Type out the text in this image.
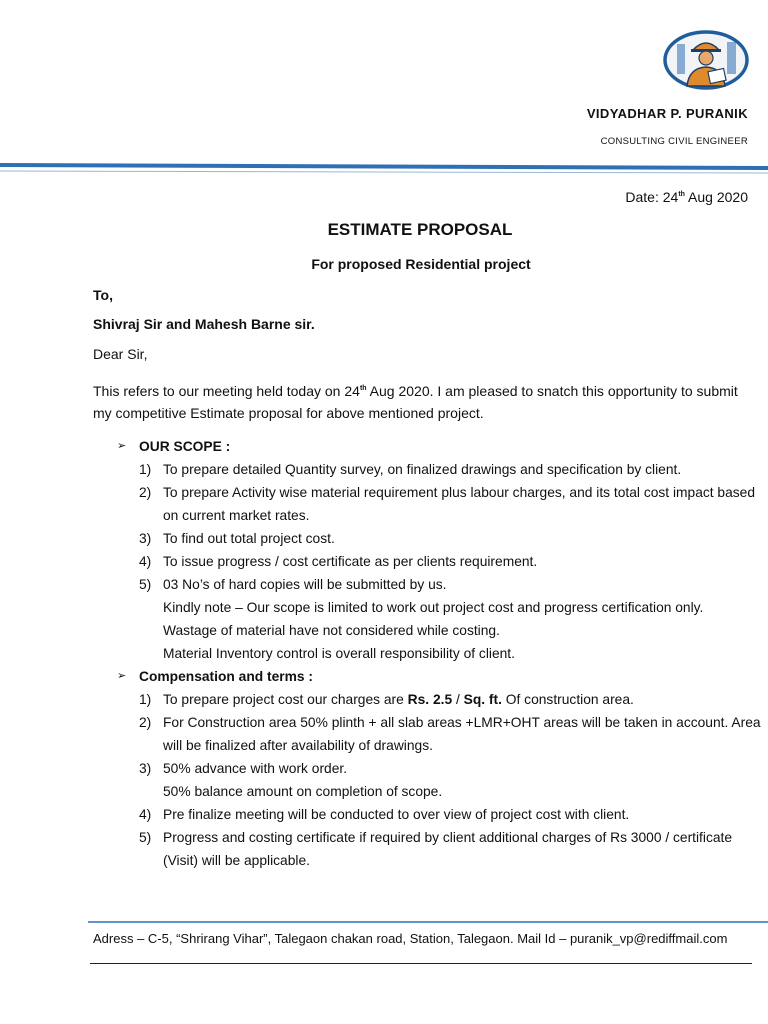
VIDYADHAR P. PURANIK
CONSULTING CIVIL ENGINEER
Date: 24th Aug 2020
ESTIMATE PROPOSAL
For proposed Residential project
To,
Shivraj Sir and Mahesh Barne sir.
Dear Sir,
This refers to our meeting held today on 24th Aug 2020. I am pleased to snatch this opportunity to submit my competitive Estimate proposal for above mentioned project.
➢ OUR SCOPE :
1) To prepare detailed Quantity survey, on finalized drawings and specification by client.
2) To prepare Activity wise material requirement plus labour charges, and its total cost impact based on current market rates.
3) To find out total project cost.
4) To issue progress / cost certificate as per clients requirement.
5) 03 No’s of hard copies will be submitted by us.
Kindly note – Our scope is limited to work out project cost and progress certification only.
Wastage of material have not considered while costing.
Material Inventory control is overall responsibility of client.
➢ Compensation and terms :
1) To prepare project cost our charges are Rs. 2.5 / Sq. ft. Of construction area.
2) For Construction area 50% plinth + all slab areas +LMR+OHT areas will be taken in account. Area will be finalized after availability of drawings.
3) 50% advance with work order.
50% balance amount on completion of scope.
4) Pre finalize meeting will be conducted to over view of project cost with client.
5) Progress and costing certificate if required by client additional charges of Rs 3000 / certificate (Visit) will be applicable.
Adress – C-5, “Shrirang Vihar”, Talegaon chakan road, Station, Talegaon. Mail Id – puranik_vp@rediffmail.com
